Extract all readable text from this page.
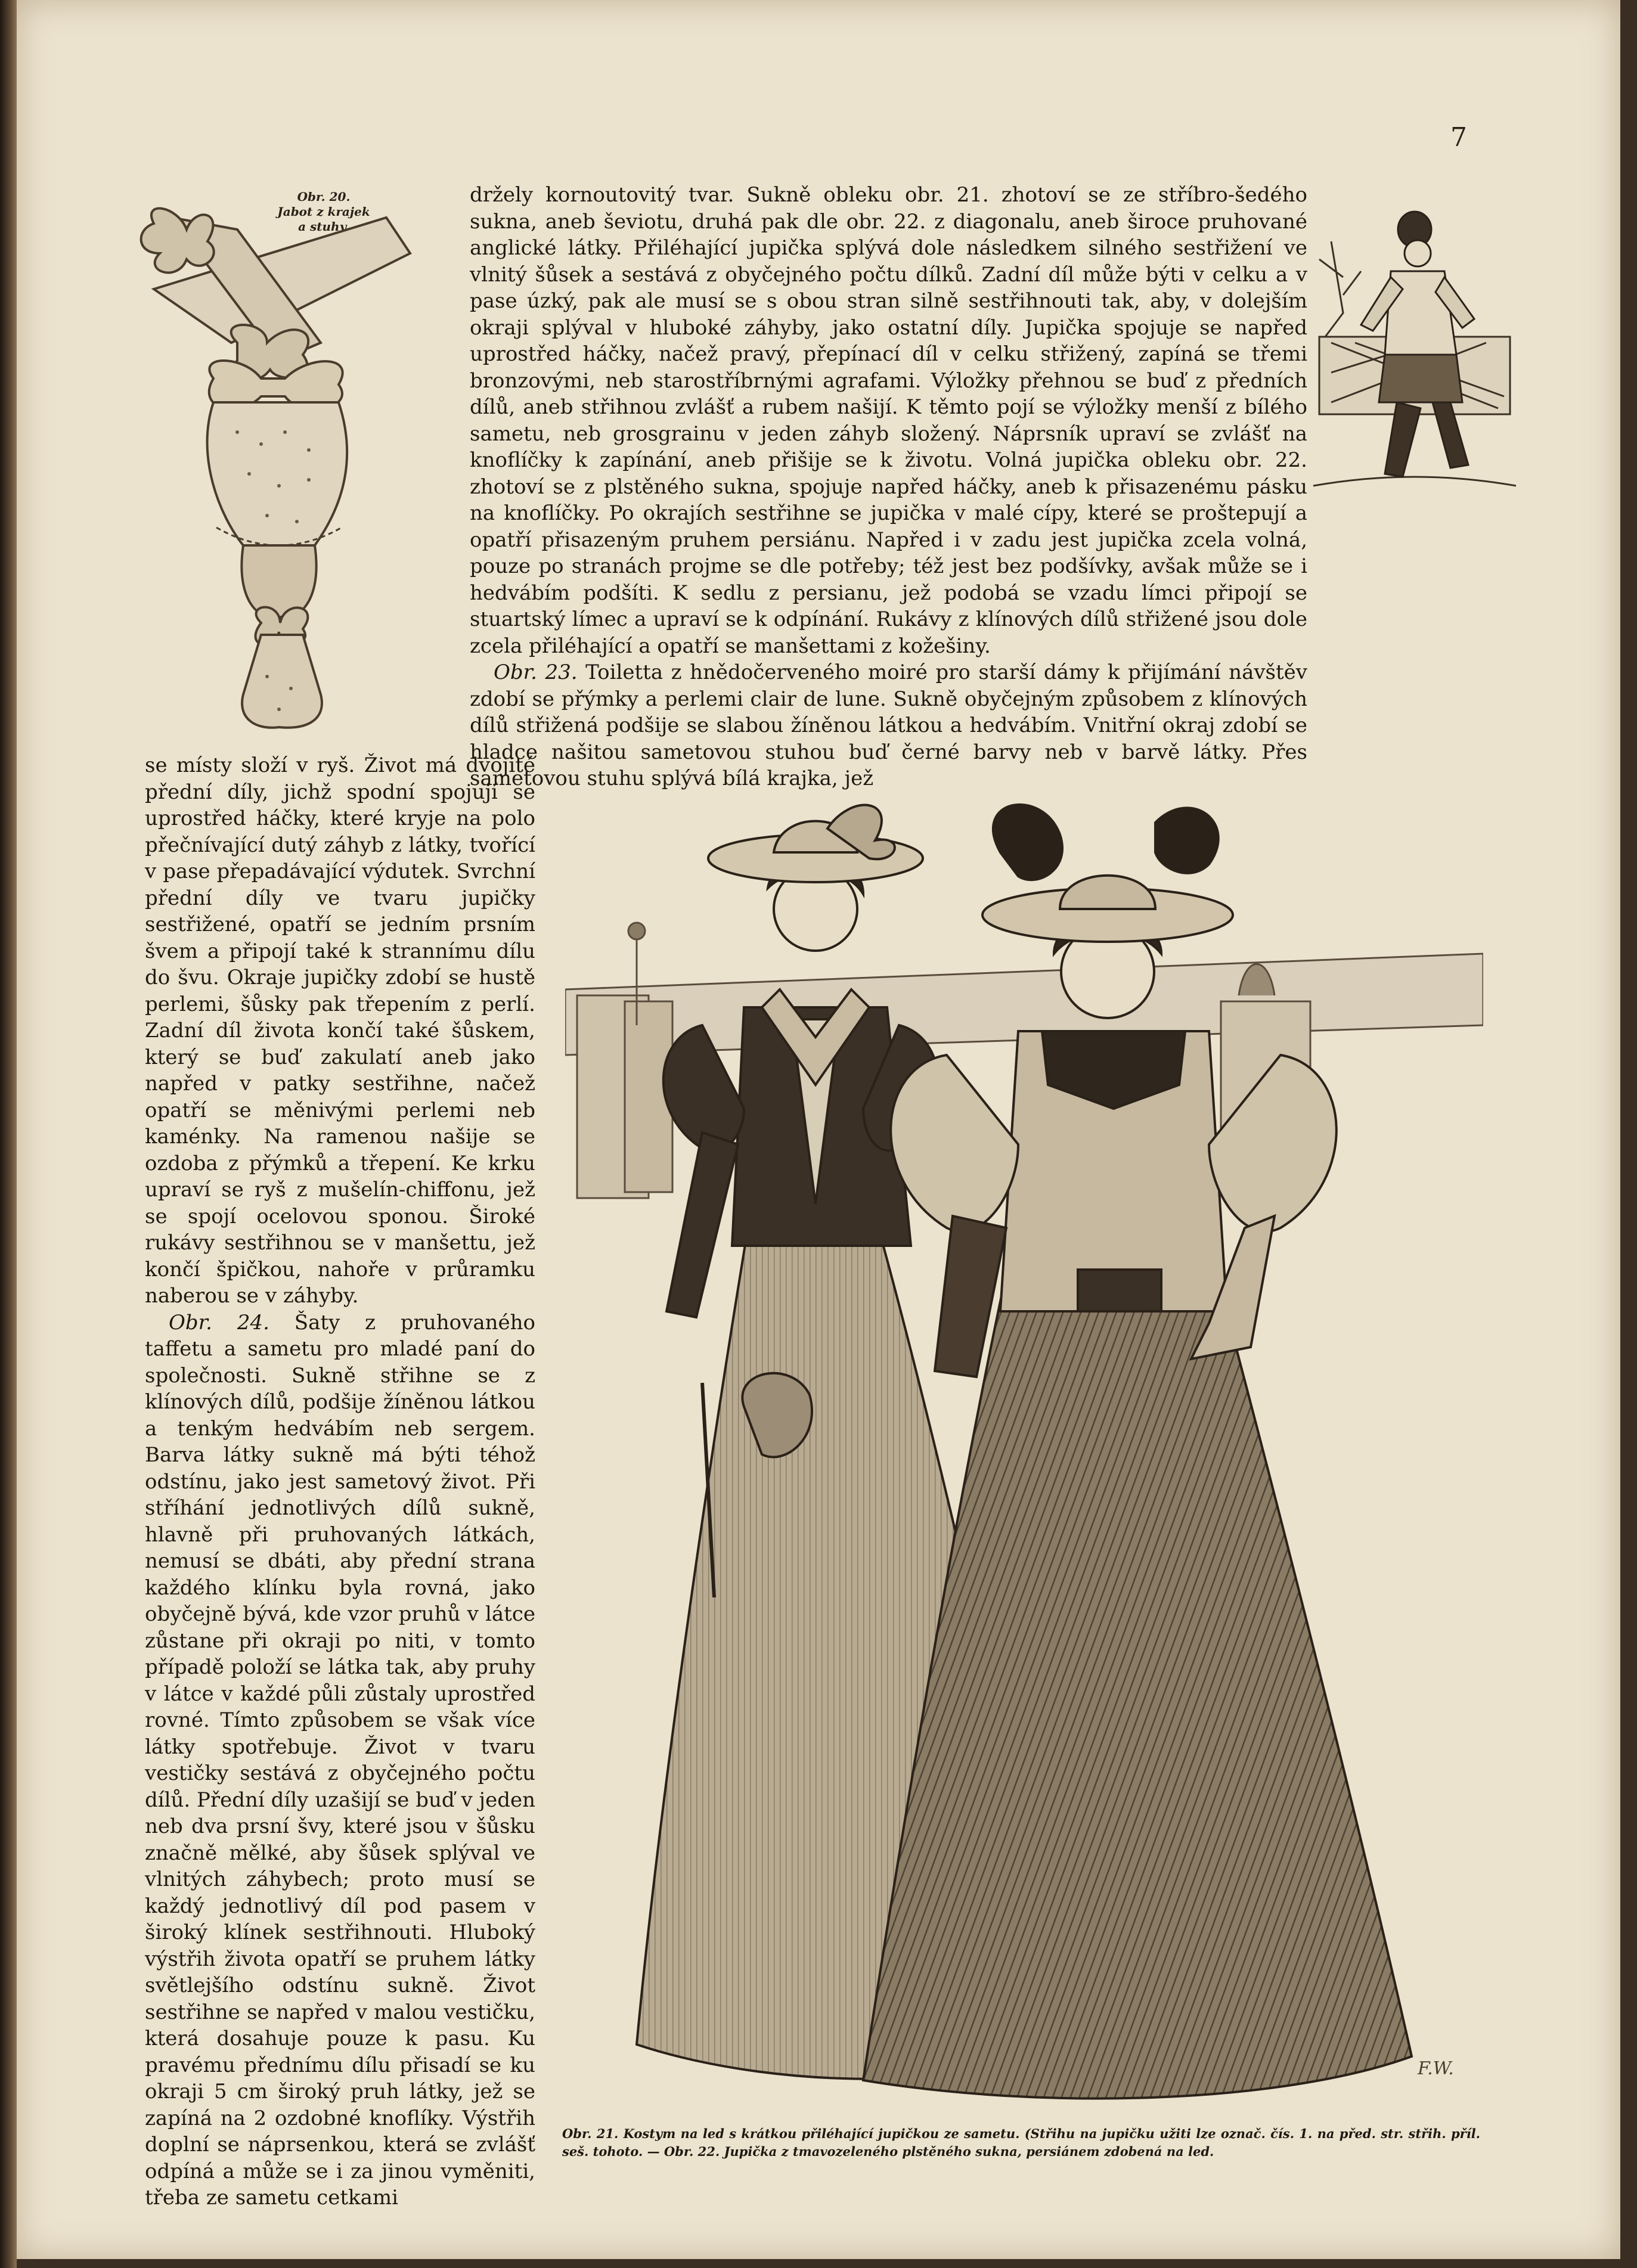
7
Obr. 20.
Jabot z krajek
a stuhy.

držely kornoutovitý tvar. Sukně obleku obr. 21. zhotoví se ze stříbro-šedého sukna, aneb ševiotu, druhá pak dle obr. 22. z diagonalu, aneb široce pruhované anglické látky. Přiléhající jupička splývá dole následkem silného sestřižení ve vlnitý šůsek a sestává z obyčejného počtu dílků. Zadní díl může býti v celku a v pase úzký, pak ale musí se s obou stran silně sestřihnouti tak, aby, v dolejším okraji splýval v hluboké záhyby, jako ostatní díly. Jupička spojuje se napřed uprostřed háčky, načež pravý, přepínací díl v celku střižený, zapíná se třemi bronzovými, neb starostříbrnými agrafami. Výložky přehnou se buď z předních dílů, aneb střihnou zvlášť a rubem našijí. K těmto pojí se výložky menší z bílého sametu, neb grosgrainu v jeden záhyb složený. Náprsník upraví se zvlášť na knoflíčky k zapínání, aneb přišije se k životu. Volná jupička obleku obr. 22. zhotoví se z plstěného sukna, spojuje napřed háčky, aneb k přisazenému pásku na knoflíčky. Po okrajích sestřihne se jupička v malé cípy, které se proštepují a opatří přisazeným pruhem persiánu. Napřed i v zadu jest jupička zcela volná, pouze po stranách projme se dle potřeby; též jest bez podšívky, avšak může se i hedvábím podšíti. K sedlu z persianu, jež podobá se vzadu límci připojí se stuartský límec a upraví se k odpínání. Rukávy z klínových dílů střižené jsou dole zcela přiléhající a opatří se manšettami z kožešiny.

Obr. 23. Toiletta z hnědočerveného moiré pro starší dámy k přijímání návštěv zdobí se přýmky a perlemi clair de lune. Sukně obyčejným způsobem z klínových dílů střižená podšije se slabou žíněnou látkou a hedvábím. Vnitřní okraj zdobí se hladce našitou sametovou stuhou buď černé barvy neb v barvě látky. Přes sametovou stuhu splývá bílá krajka, jež

se místy složí v ryš. Život má dvojité přední díly, jichž spodní spojují se uprostřed háčky, které kryje na polo přečnívající dutý záhyb z látky, tvořící v pase přepadávající výdutek. Svrchní přední díly ve tvaru jupičky sestřižené, opatří se jedním prsním švem a připojí také k strannímu dílu do švu. Okraje jupičky zdobí se hustě perlemi, šůsky pak třepením z perlí. Zadní díl života končí také šůskem, který se buď zakulatí aneb jako napřed v patky sestřihne, načež opatří se měnivými perlemi neb kaménky. Na ramenou našije se ozdoba z přýmků a třepení. Ke krku upraví se ryš z mušelín-chiffonu, jež se spojí ocelovou sponou. Široké rukávy sestřihnou se v manšettu, jež končí špičkou, nahoře v průramku naberou se v záhyby.

Obr. 24. Šaty z pruhovaného taffetu a sametu pro mladé paní do společnosti. Sukně střihne se z klínových dílů, podšije žíněnou látkou a tenkým hedvábím neb sergem. Barva látky sukně má býti téhož odstínu, jako jest sametový život. Při stříhání jednotlivých dílů sukně, hlavně při pruhovaných látkách, nemusí se dbáti, aby přední strana každého klínku byla rovná, jako obyčejně bývá, kde vzor pruhů v látce zůstane při okraji po niti, v tomto případě položí se látka tak, aby pruhy v látce v každé půli zůstaly uprostřed rovné. Tímto způsobem se však více látky spotřebuje. Život v tvaru vestičky sestává z obyčejného počtu dílů. Přední díly uzašijí se buď v jeden neb dva prsní švy, které jsou v šůsku značně mělké, aby šůsek splýval ve vlnitých záhybech; proto musí se každý jednotlivý díl pod pasem v široký klínek sestřihnouti. Hluboký výstřih života opatří se pruhem látky světlejšího odstínu sukně. Život sestřihne se napřed v malou vestičku, která dosahuje pouze k pasu. Ku pravému přednímu dílu přisadí se ku okraji 5 cm široký pruh látky, jež se zapíná na 2 ozdobné knoflíky. Výstřih doplní se náprsenkou, která se zvlášť odpíná a může se i za jinou vyměniti, třeba ze sametu cetkami

F.W.
Obr. 21. Kostym na led s krátkou přiléhající jupičkou ze sametu. (Střihu na jupičku užiti lze označ. čís. 1. na před. str. střih. příl. seš. tohoto. — Obr. 22. Jupička z tmavozeleného plstěného sukna, persiánem zdobená na led.
